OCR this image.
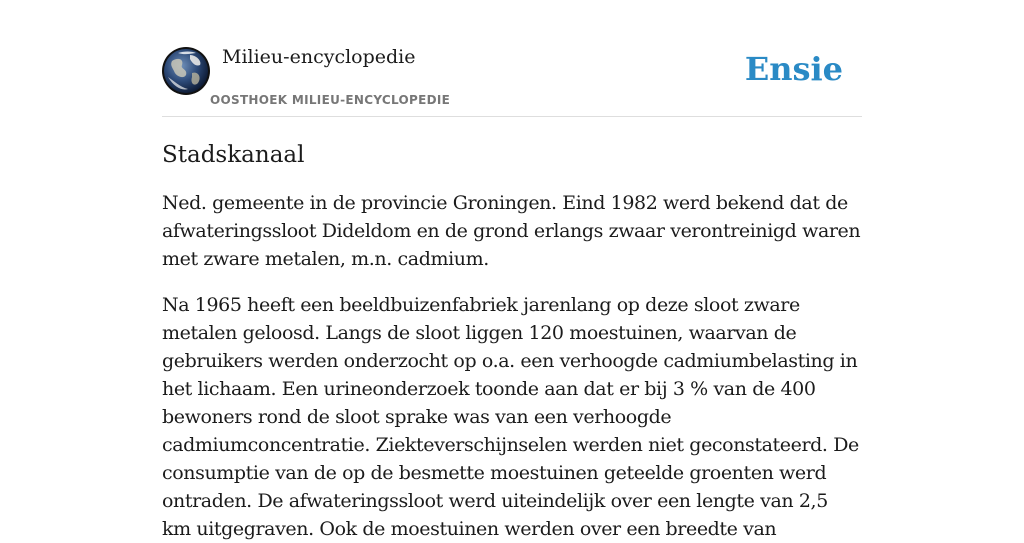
Milieu-encyclopedie
OOSTHOEK MILIEU-ENCYCLOPEDIE
Ensie
Stadskanaal

Ned. gemeente in de provincie Groningen. Eind 1982 werd bekend dat de afwateringssloot Dideldom en de grond erlangs zwaar verontreinigd waren met zware metalen, m.n. cadmium.

Na 1965 heeft een beeldbuizenfabriek jarenlang op deze sloot zware metalen geloosd. Langs de sloot liggen 120 moestuinen, waarvan de gebruikers werden onderzocht op o.a. een verhoogde cadmiumbelasting in het lichaam. Een urineonderzoek toonde aan dat er bij 3 % van de 400 bewoners rond de sloot sprake was van een verhoogde cadmiumconcentratie. Ziekteverschijnselen werden niet geconstateerd. De consumptie van de op de besmette moestuinen geteelde groenten werd ontraden. De afwateringssloot werd uiteindelijk over een lengte van 2,5 km uitgegraven. Ook de moestuinen werden over een breedte van
